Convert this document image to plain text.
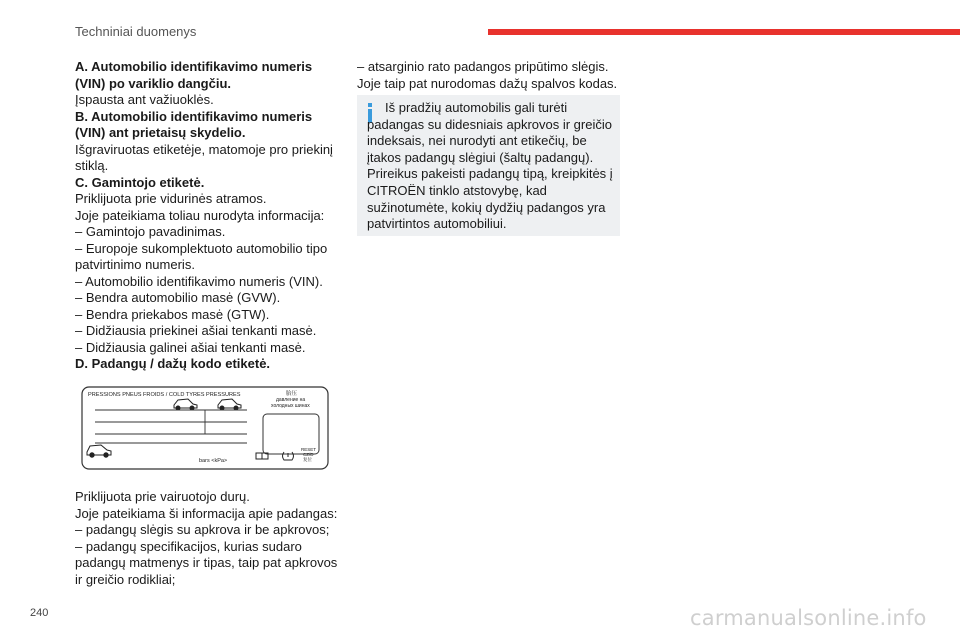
Techniniai duomenys

A. Automobilio identifikavimo numeris (VIN) po variklio dangčiu.

Įspausta ant važiuoklės.

B. Automobilio identifikavimo numeris (VIN) ant prietaisų skydelio.

Išgraviruotas etiketėje, matomoje pro priekinį stiklą.

C. Gamintojo etiketė.

Priklijuota prie vidurinės atramos.

Joje pateikiama toliau nurodyta informacija:

– Gamintojo pavadinimas.

– Europoje sukomplektuoto automobilio tipo patvirtinimo numeris.

– Automobilio identifikavimo numeris (VIN).

– Bendra automobilio masė (GVW).

– Bendra priekabos masė (GTW).

– Didžiausia priekinei ašiai tenkanti masė.

– Didžiausia galinei ašiai tenkanti masė.

D. Padangų / dažų kodo etiketė.

PRESSIONS PNEUS FROIDS / COLD TYRES PRESSURES	胎压
давление на
холодных шинах
bars <kPa>
RESET
CZ/D
复位

Priklijuota prie vairuotojo durų.

Joje pateikiama ši informacija apie padangas:

– padangų slėgis su apkrova ir be apkrovos;

– padangų specifikacijos, kurias sudaro padangų matmenys ir tipas, taip pat apkrovos ir greičio rodikliai;

– atsarginio rato padangos pripūtimo slėgis.

Joje taip pat nurodomas dažų spalvos kodas.

Iš pradžių automobilis gali turėti padangas su didesniais apkrovos ir greičio indeksais, nei nurodyti ant etikečių, be įtakos padangų slėgiui (šaltų padangų). Prireikus pakeisti padangų tipą, kreipkitės į CITROËN tinklo atstovybę, kad sužinotumėte, kokių dydžių padangos yra patvirtintos automobiliui.
240	carmanualsonline.info
